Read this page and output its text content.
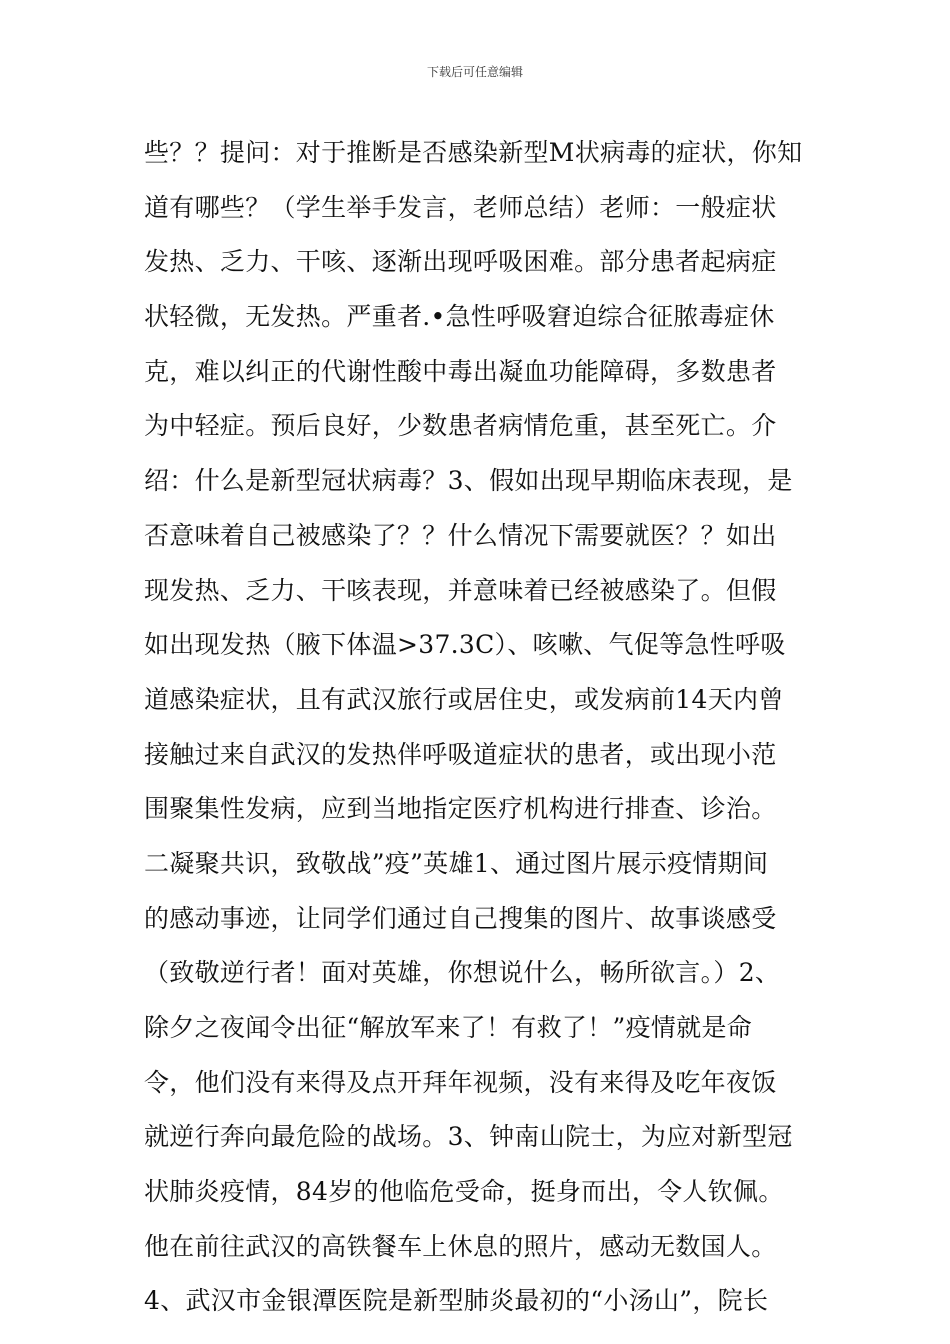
下载后可任意编辑
些？？提问：对于推断是否感染新型M状病毒的症状，你知
道有哪些？（学生举手发言，老师总结）老师：一般症状
发热、乏力、干咳、逐渐出现呼吸困难。部分患者起病症
状轻微，无发热。严重者.•急性呼吸窘迫综合征脓毒症休
克，难以纠正的代谢性酸中毒出凝血功能障碍，多数患者
为中轻症。预后良好，少数患者病情危重，甚至死亡。介
绍：什么是新型冠状病毒？3、假如出现早期临床表现，是
否意味着自己被感染了？？什么情况下需要就医？？如出
现发热、乏力、干咳表现，并意味着已经被感染了。但假
如出现发热（腋下体温>37.3C）、咳嗽、气促等急性呼吸
道感染症状，且有武汉旅行或居住史，或发病前14天内曾
接触过来自武汉的发热伴呼吸道症状的患者，或出现小范
围聚集性发病，应到当地指定医疗机构进行排查、诊治。
二凝聚共识，致敬战”疫”英雄1、通过图片展示疫情期间
的感动事迹，让同学们通过自己搜集的图片、故事谈感受
（致敬逆行者！面对英雄，你想说什么，畅所欲言。）2、
除夕之夜闻令出征“解放军来了！有救了！”疫情就是命
令，他们没有来得及点开拜年视频，没有来得及吃年夜饭
就逆行奔向最危险的战场。3、钟南山院士，为应对新型冠
状肺炎疫情，84岁的他临危受命，挺身而出，令人钦佩。
他在前往武汉的高铁餐车上休息的照片，感动无数国人。
4、武汉市金银潭医院是新型肺炎最初的“小汤山”，院长
